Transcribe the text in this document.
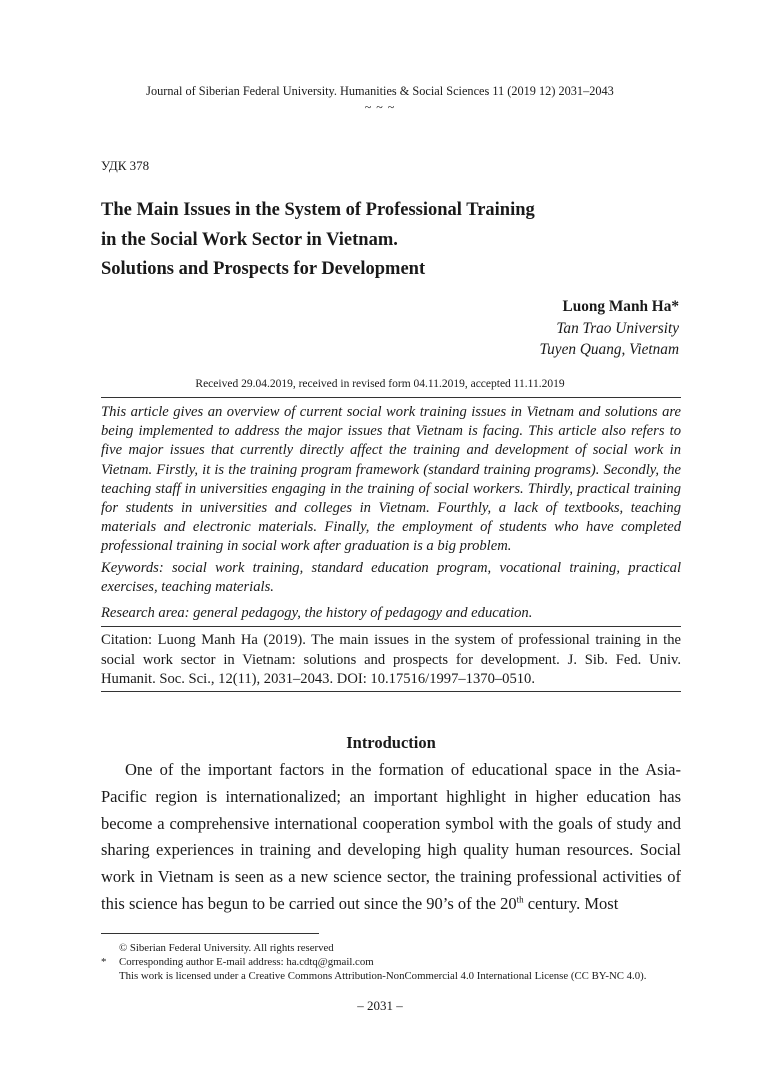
Journal of Siberian Federal University. Humanities & Social Sciences 11 (2019 12) 2031–2043
~ ~ ~
УДК 378
The Main Issues in the System of Professional Training
in the Social Work Sector in Vietnam.
Solutions and Prospects for Development
Luong Manh Ha*
Tan Trao University
Tuyen Quang, Vietnam
Received 29.04.2019, received in revised form 04.11.2019, accepted 11.11.2019
This article gives an overview of current social work training issues in Vietnam and solutions are being implemented to address the major issues that Vietnam is facing. This article also refers to five major issues that currently directly affect the training and development of social work in Vietnam. Firstly, it is the training program framework (standard training programs). Secondly, the teaching staff in universities engaging in the training of social workers. Thirdly, practical training for students in universities and colleges in Vietnam. Fourthly, a lack of textbooks, teaching materials and electronic materials. Finally, the employment of students who have completed professional training in social work after graduation is a big problem.
Keywords: social work training, standard education program, vocational training, practical exercises, teaching materials.
Research area: general pedagogy, the history of pedagogy and education.
Citation: Luong Manh Ha (2019). The main issues in the system of professional training in the social work sector in Vietnam: solutions and prospects for development. J. Sib. Fed. Univ. Humanit. Soc. Sci., 12(11), 2031–2043. DOI: 10.17516/1997–1370–0510.
Introduction
One of the important factors in the formation of educational space in the Asia-Pacific region is internationalized; an important highlight in higher education has become a comprehensive international cooperation symbol with the goals of study and sharing experiences in training and developing high quality human resources. Social work in Vietnam is seen as a new science sector, the training professional activities of this science has begun to be carried out since the 90’s of the 20th century. Most
© Siberian Federal University. All rights reserved
* Corresponding author E-mail address: ha.cdtq@gmail.com
This work is licensed under a Creative Commons Attribution-NonCommercial 4.0 International License (CC BY-NC 4.0).
– 2031 –
